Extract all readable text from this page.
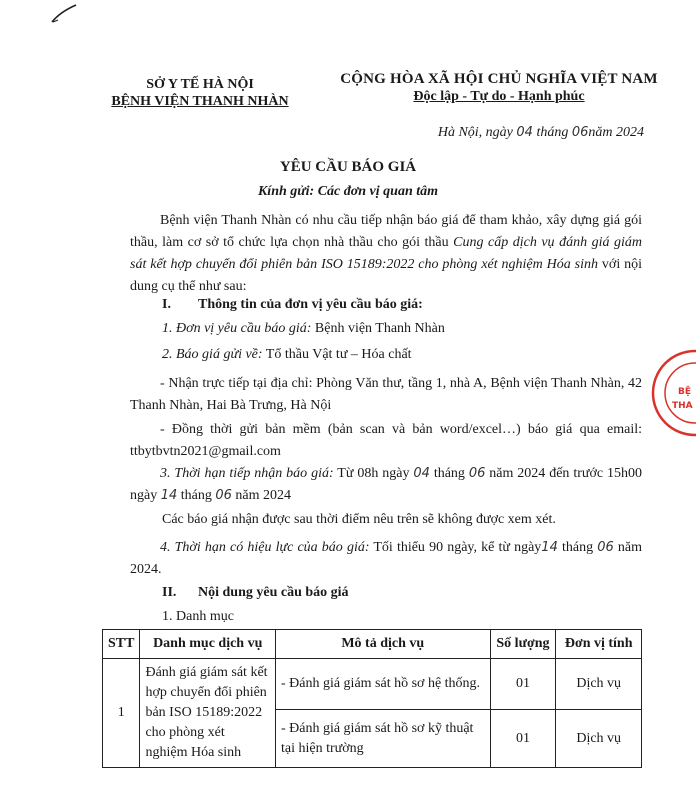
SỞ Y TẾ HÀ NỘI
BỆNH VIỆN THANH NHÀN
CỘNG HÒA XÃ HỘI CHỦ NGHĨA VIỆT NAM
Độc lập - Tự do - Hạnh phúc
Hà Nội, ngày 04 tháng 06năm 2024
YÊU CẦU BÁO GIÁ
Kính gửi: Các đơn vị quan tâm
Bệnh viện Thanh Nhàn có nhu cầu tiếp nhận báo giá để tham khảo, xây dựng giá gói thầu, làm cơ sở tổ chức lựa chọn nhà thầu cho gói thầu Cung cấp dịch vụ đánh giá giám sát kết hợp chuyển đổi phiên bản ISO 15189:2022 cho phòng xét nghiệm Hóa sinh với nội dung cụ thể như sau:
I. Thông tin của đơn vị yêu cầu báo giá:
1. Đơn vị yêu cầu báo giá: Bệnh viện Thanh Nhàn
2. Báo giá gửi về: Tổ thầu Vật tư – Hóa chất
- Nhận trực tiếp tại địa chỉ: Phòng Văn thư, tầng 1, nhà A, Bệnh viện Thanh Nhàn, 42 Thanh Nhàn, Hai Bà Trưng, Hà Nội
- Đồng thời gửi bản mềm (bản scan và bản word/excel…) báo giá qua email: ttbytbvtn2021@gmail.com
3. Thời hạn tiếp nhận báo giá: Từ 08h ngày 04 tháng 06 năm 2024 đến trước 15h00 ngày 14 tháng 06 năm 2024
Các báo giá nhận được sau thời điểm nêu trên sẽ không được xem xét.
4. Thời hạn có hiệu lực của báo giá: Tối thiểu 90 ngày, kể từ ngày14 tháng 06 năm 2024.
II. Nội dung yêu cầu báo giá
1. Danh mục
STT	Danh mục dịch vụ	Mô tả dịch vụ	Số lượng	Đơn vị tính
1	Đánh giá giám sát kết hợp chuyển đổi phiên bản ISO 15189:2022 cho phòng xét nghiệm Hóa sinh	- Đánh giá giám sát hồ sơ hệ thống.	01	Dịch vụ
		- Đánh giá giám sát hồ sơ kỹ thuật tại hiện trường	01	Dịch vụ
BỆ
THA
